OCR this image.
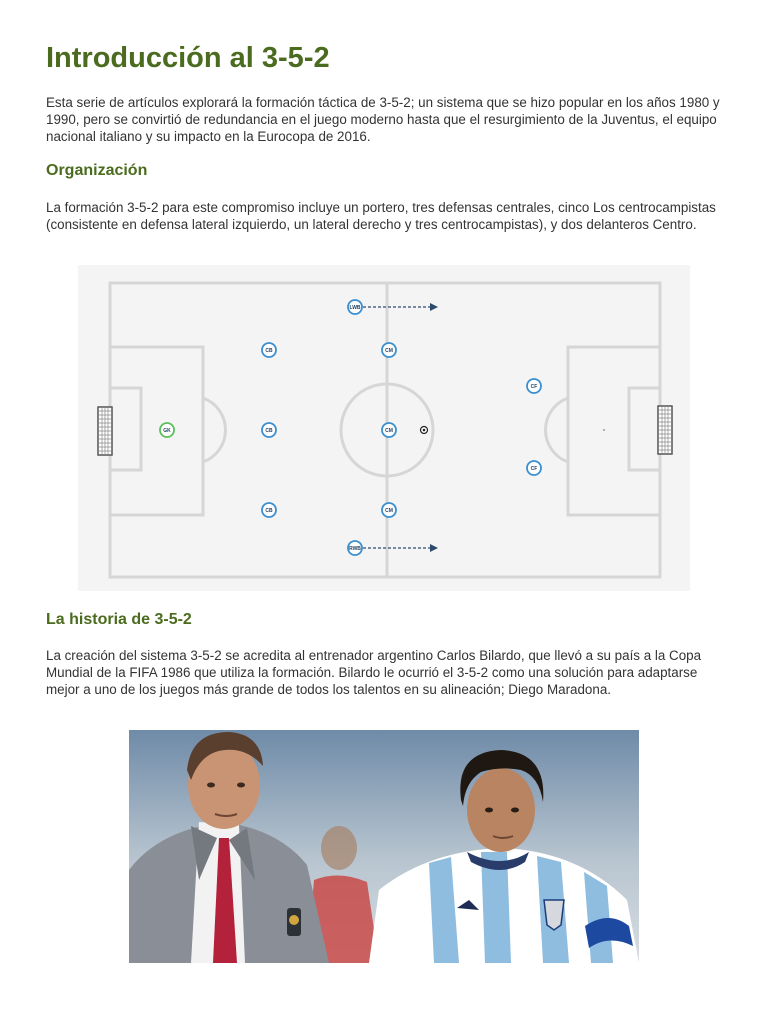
Introducción al 3-5-2

Esta serie de artículos explorará la formación táctica de 3-5-2; un sistema que se hizo popular en los años 1980 y 1990, pero se convirtió de redundancia en el juego moderno hasta que el resurgimiento de la Juventus, el equipo nacional italiano y su impacto en la Eurocopa de 2016.

Organización

La formación 3-5-2 para este compromiso incluye un portero, tres defensas centrales, cinco Los centrocampistas (consistente en defensa lateral izquierdo, un lateral derecho y tres centrocampistas), y dos delanteros Centro.

GK
CB
CB
CB
CM
CM
CM
LWB
RWB
CF
CF
La historia de 3-5-2

La creación del sistema 3-5-2 se acredita al entrenador argentino Carlos Bilardo, que llevó a su país a la Copa Mundial de la FIFA 1986 que utiliza la formación. Bilardo le ocurrió el 3-5-2 como una solución para adaptarse mejor a uno de los juegos más grande de todos los talentos en su alineación; Diego Maradona.
